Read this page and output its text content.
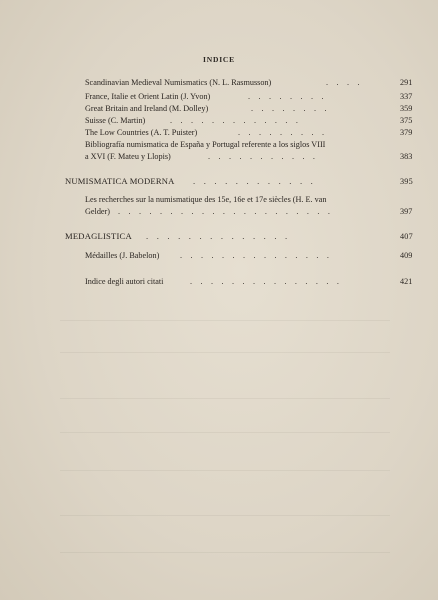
INDICE
Scandinavian Medieval Numismatics (N. L. Rasmusson)	. . . .	291
France, Italie et Orient Latin (J. Yvon)	. . . . . . . .	337
Great Britain and Ireland (M. Dolley)	. . . . . . . .	359
Suisse (C. Martin)	. . . . . . . . . . . . .	375
The Low Countries (A. T. Puister)	. . . . . . . . .	379
Bibliografía numismatica de España y Portugal referente a los siglos VIII
a XVI (F. Mateu y Llopis)	. . . . . . . . . . .	383
NUMISMATICA MODERNA . . . . . . . . . . . .	395
Les recherches sur la numismatique des 15e, 16e et 17e siècles (H. E. van
Gelder) . . . . . . . . . . . . . . . . . . . . .	397
MEDAGLISTICA . . . . . . . . . . . . . .	407
Médailles (J. Babelon)	. . . . . . . . . . . . . . .	409
Indice degli autori citati	. . . . . . . . . . . . . . .	421
